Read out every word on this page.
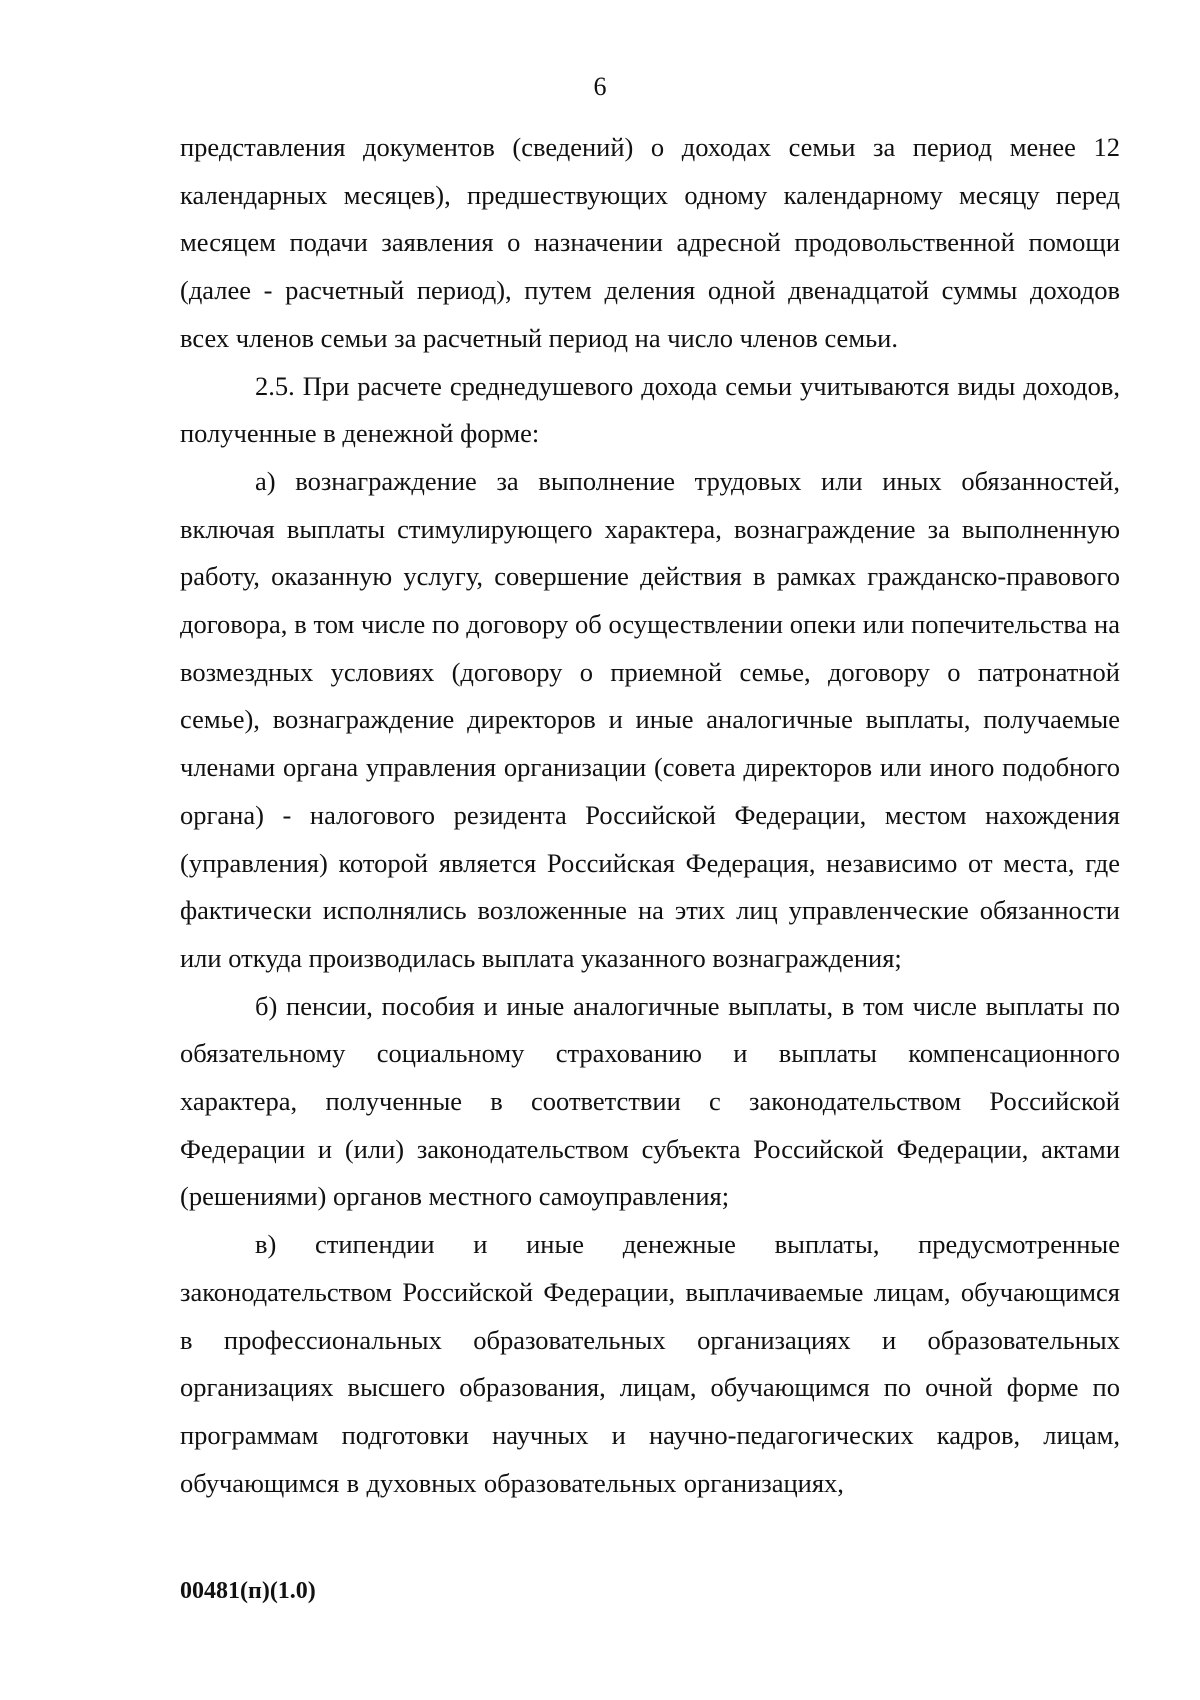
6

представления документов (сведений) о доходах семьи за период менее 12 календарных месяцев), предшествующих одному календарному месяцу перед месяцем подачи заявления о назначении адресной продовольственной помощи (далее - расчетный период), путем деления одной двенадцатой суммы доходов всех членов семьи за расчетный период на число членов семьи.

2.5. При расчете среднедушевого дохода семьи учитываются виды доходов, полученные в денежной форме:

а) вознаграждение за выполнение трудовых или иных обязанностей, включая выплаты стимулирующего характера, вознаграждение за выполненную работу, оказанную услугу, совершение действия в рамках гражданско-правового договора, в том числе по договору об осуществлении опеки или попечительства на возмездных условиях (договору о приемной семье, договору о патронатной семье), вознаграждение директоров и иные аналогичные выплаты, получаемые членами органа управления организации (совета директоров или иного подобного органа) - налогового резидента Российской Федерации, местом нахождения (управления) которой является Российская Федерация, независимо от места, где фактически исполнялись возложенные на этих лиц управленческие обязанности или откуда производилась выплата указанного вознаграждения;

б) пенсии, пособия и иные аналогичные выплаты, в том числе выплаты по обязательному социальному страхованию и выплаты компенсационного характера, полученные в соответствии с законодательством Российской Федерации и (или) законодательством субъекта Российской Федерации, актами (решениями) органов местного самоуправления;

в) стипендии и иные денежные выплаты, предусмотренные законодательством Российской Федерации, выплачиваемые лицам, обучающимся в профессиональных образовательных организациях и образовательных организациях высшего образования, лицам, обучающимся по очной форме по программам подготовки научных и научно-педагогических кадров, лицам, обучающимся в духовных образовательных организациях,

00481(п)(1.0)
